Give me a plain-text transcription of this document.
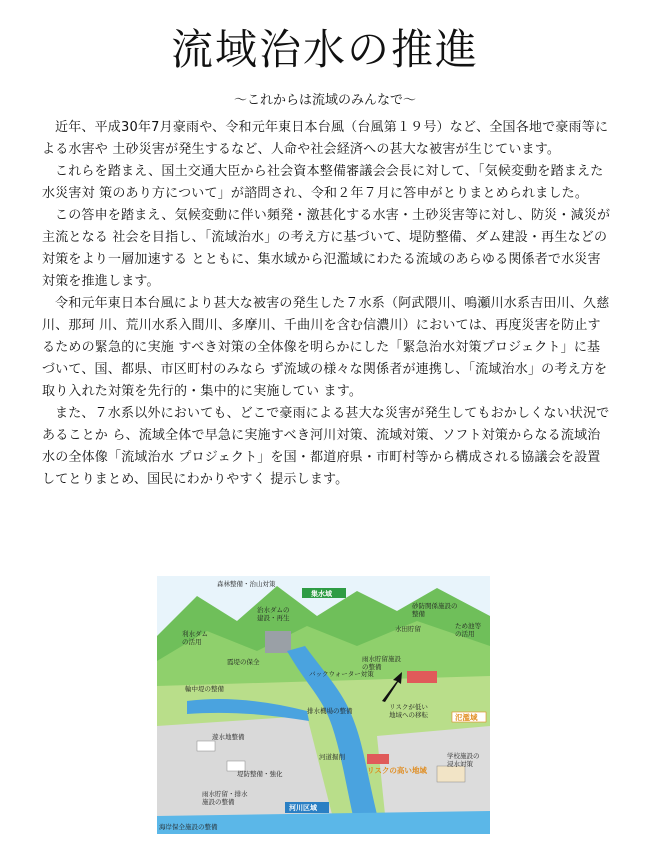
流域治水の推進

～これからは流域のみんなで～

近年、平成30年7月豪雨や、令和元年東日本台風（台風第１９号）など、全国各地で豪雨等による水害や 土砂災害が発生するなど、人命や社会経済への甚大な被害が生じています。

これらを踏まえ、国土交通大臣から社会資本整備審議会会長に対して、「気候変動を踏まえた水災害対 策のあり方について」が諮問され、令和２年７月に答申がとりまとめられました。

この答申を踏まえ、気候変動に伴い頻発・激甚化する水害・土砂災害等に対し、防災・減災が主流となる 社会を目指し、「流域治水」の考え方に基づいて、堤防整備、ダム建設・再生などの対策をより一層加速する とともに、集水域から氾濫域にわたる流域のあらゆる関係者で水災害対策を推進します。

令和元年東日本台風により甚大な被害の発生した７水系（阿武隈川、鳴瀬川水系吉田川、久慈川、那珂 川、荒川水系入間川、多摩川、千曲川を含む信濃川）においては、再度災害を防止するための緊急的に実施 すべき対策の全体像を明らかにした「緊急治水対策プロジェクト」に基づいて、国、都県、市区町村のみなら ず流域の様々な関係者が連携し、「流域治水」の考え方を取り入れた対策を先行的・集中的に実施してい ます。

また、７水系以外においても、どこで豪雨による甚大な災害が発生してもおかしくない状況であることか ら、流域全体で早急に実施すべき河川対策、流域対策、ソフト対策からなる流域治水の全体像「流域治水 プロジェクト」を国・都道府県・市町村等から構成される協議会を設置してとりまとめ、国民にわかりやすく 提示します。

森林整備・治山対策
集水域
治水ダムの建設・再生
砂防関係施設の整備
利水ダムの活用
水田貯留	ため池等の活用
雨水貯留施設の整備
霞堤の保全
バックウォーター対策
輪中堤の整備
排水機場の整備	リスクが低い地域への移転	氾濫域
遊水地整備
河道掘削
リスクの高い地域
学校施設の浸水対策
堤防整備・強化
雨水貯留・排水施設の整備
河川区域
海岸保全施設の整備
